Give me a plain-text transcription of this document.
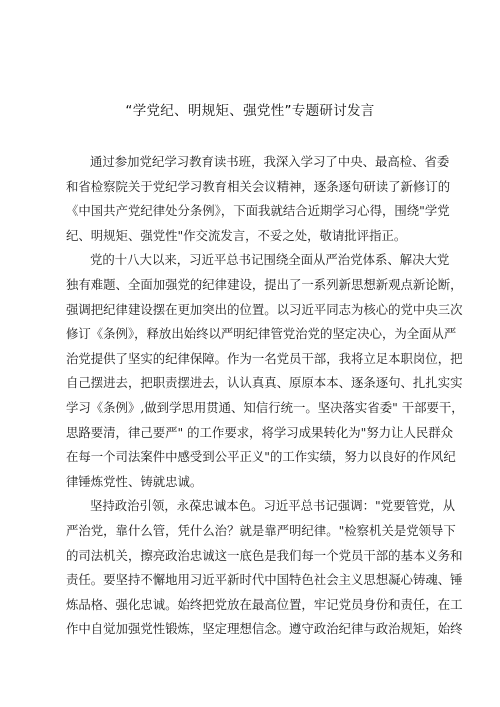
“学党纪、明规矩、强党性”专题研讨发言
通过参加党纪学习教育读书班，我深入学习了中央、最高检、省委
和省检察院关于党纪学习教育相关会议精神，逐条逐句研读了新修订的
《中国共产党纪律处分条例》，下面我就结合近期学习心得，围绕"学党
纪、明规矩、强党性"作交流发言，不妥之处，敬请批评指正。
党的十八大以来，习近平总书记围绕全面从严治党体系、解决大党
独有难题、全面加强党的纪律建设，提出了一系列新思想新观点新论断，
强调把纪律建设摆在更加突出的位置。以习近平同志为核心的党中央三次
修订《条例》，释放出始终以严明纪律管党治党的坚定决心，为全面从严
治党提供了坚实的纪律保障。作为一名党员干部，我将立足本职岗位，把
自己摆进去，把职责摆进去，认认真真、原原本本、逐条逐句、扎扎实实
学习《条例》,做到学思用贯通、知信行统一。坚决落实省委" 干部要干，
思路要清，律己要严" 的工作要求，将学习成果转化为"努力让人民群众
在每一个司法案件中感受到公平正义"的工作实绩，努力以良好的作风纪
律锤炼党性、铸就忠诚。
坚持政治引领，永葆忠诚本色。习近平总书记强调："党要管党，从
严治党，靠什么管，凭什么治？就是靠严明纪律。"检察机关是党领导下
的司法机关，擦亮政治忠诚这一底色是我们每一个党员干部的基本义务和
责任。要坚持不懈地用习近平新时代中国特色社会主义思想凝心铸魂、锤
炼品格、强化忠诚。始终把党放在最高位置，牢记党员身份和责任，在工
作中自觉加强党性锻炼，坚定理想信念。遵守政治纪律与政治规矩，始终
